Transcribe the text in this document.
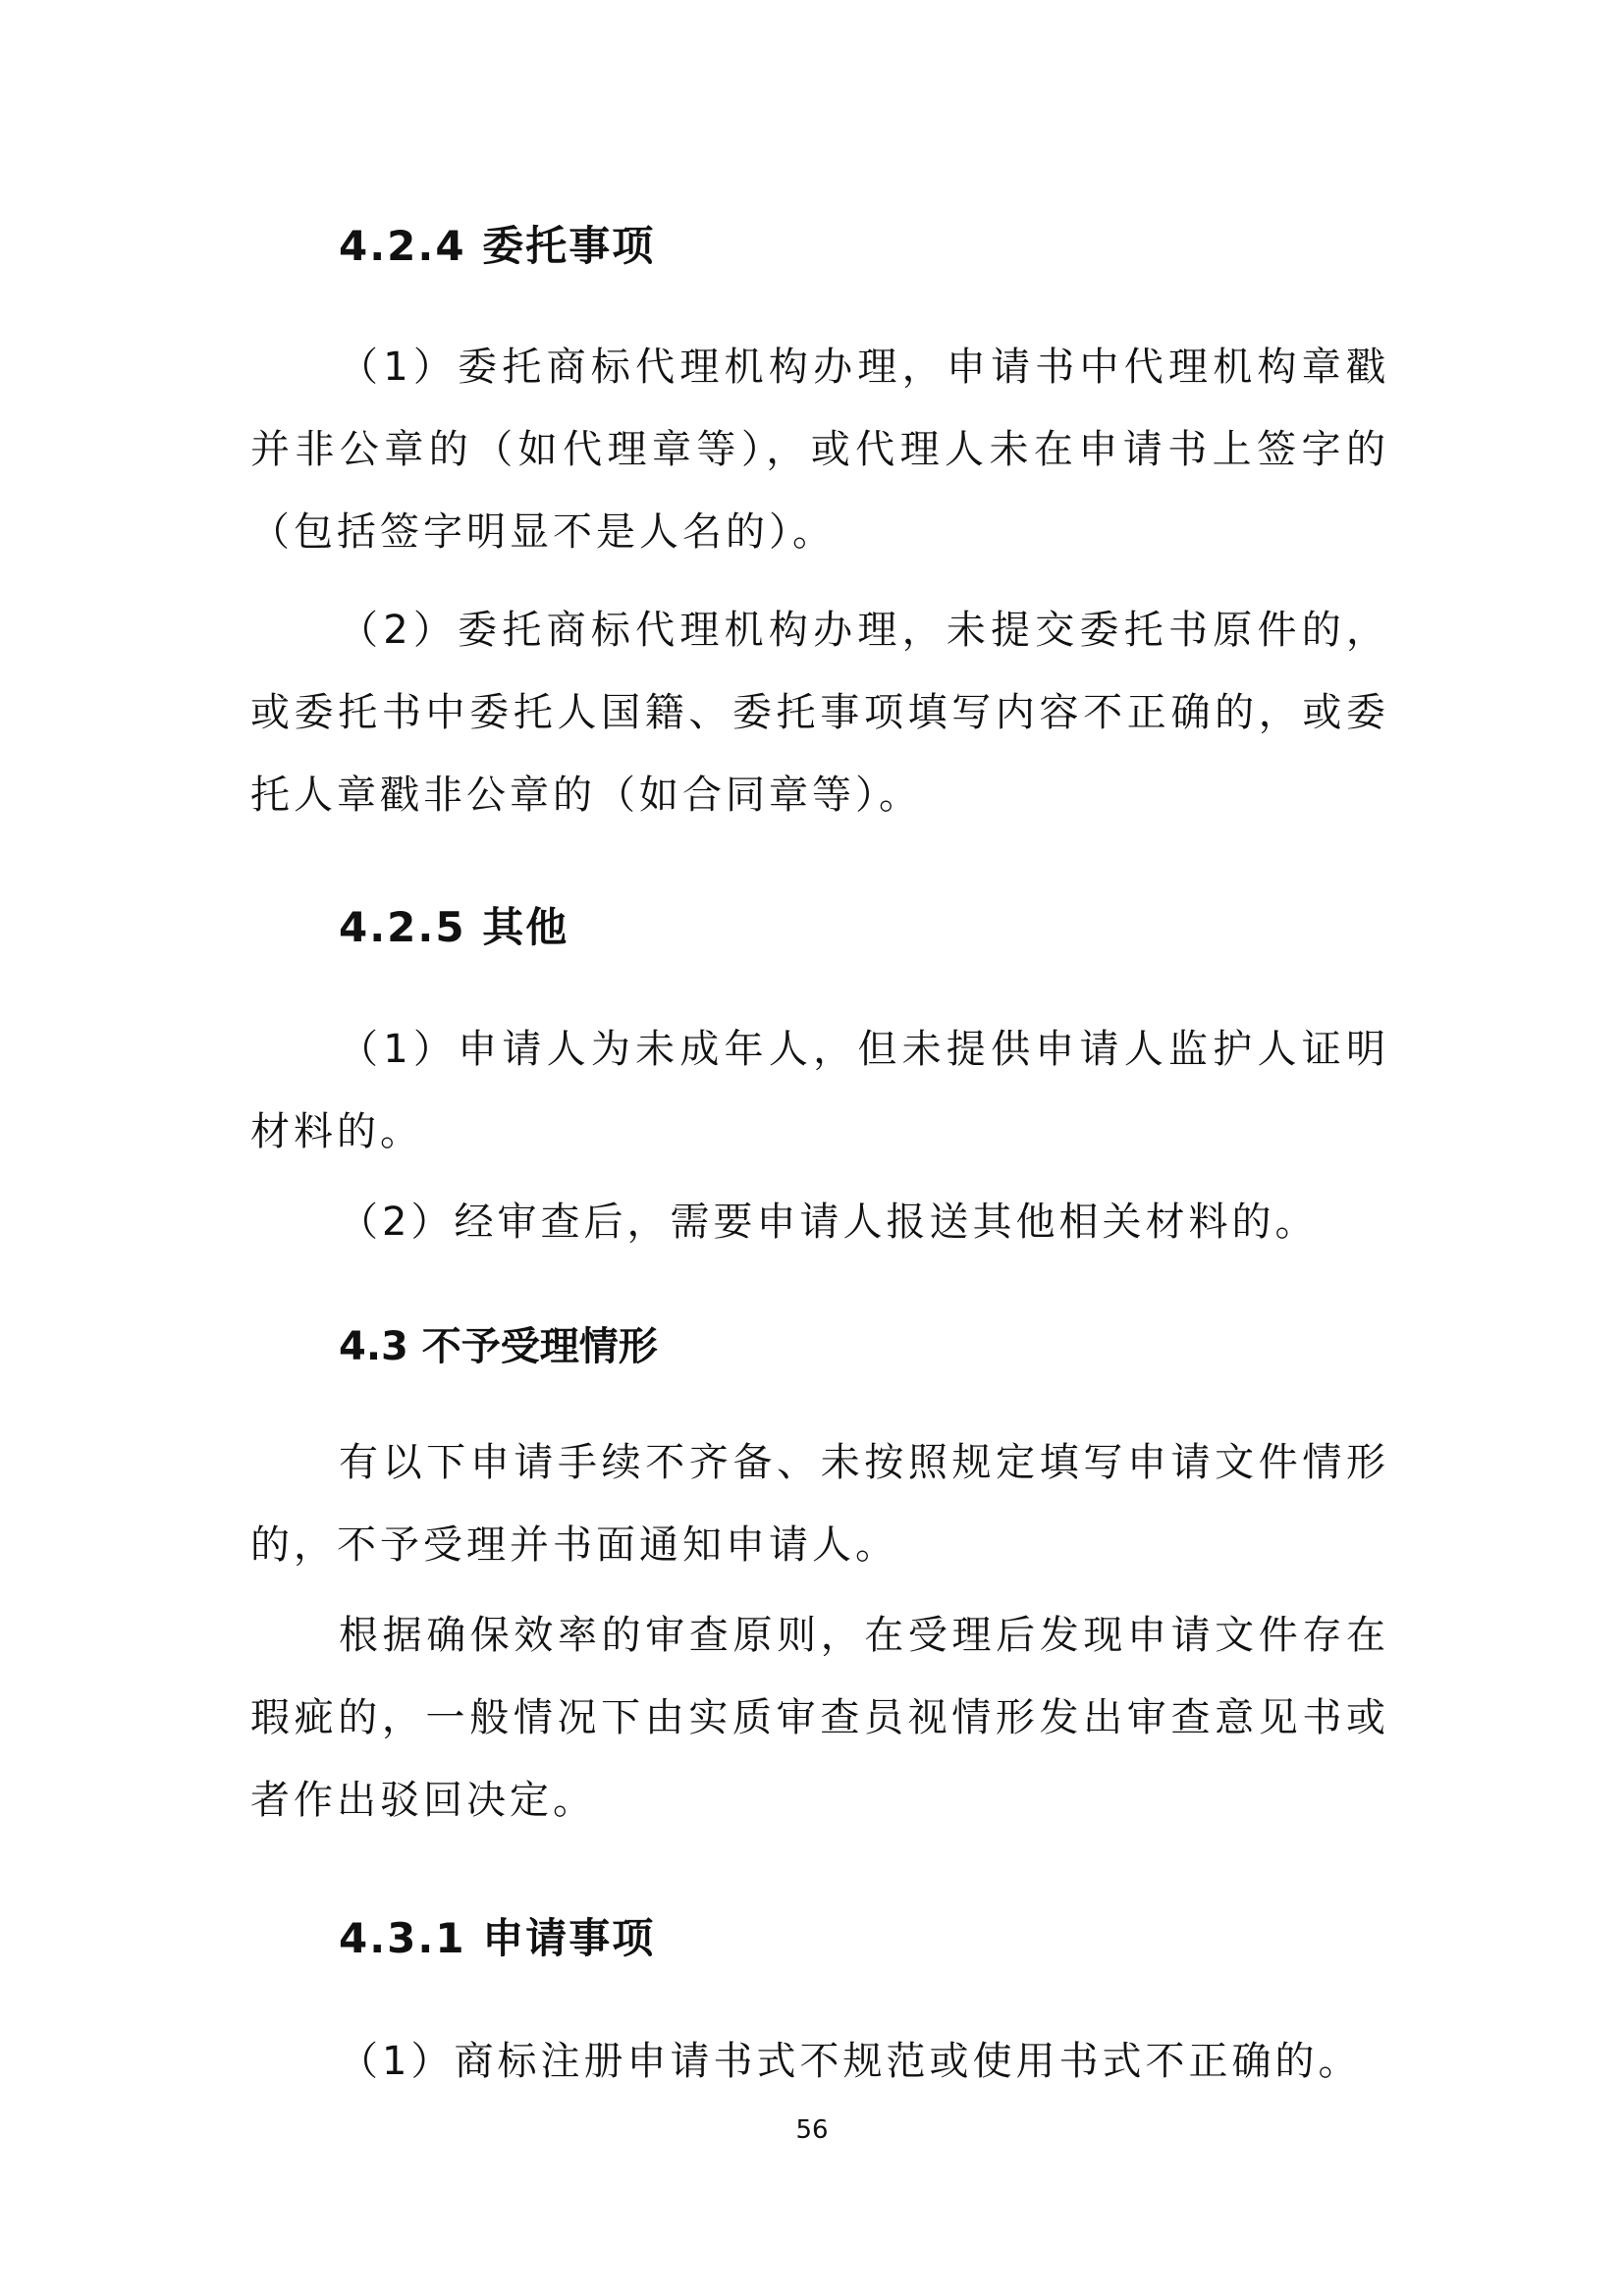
4.2.4 委托事项

（1）委托商标代理机构办理，申请书中代理机构章戳并非公章的（如代理章等），或代理人未在申请书上签字的（包括签字明显不是人名的）。

（2）委托商标代理机构办理，未提交委托书原件的，或委托书中委托人国籍、委托事项填写内容不正确的，或委托人章戳非公章的（如合同章等）。

4.2.5 其他

（1）申请人为未成年人，但未提供申请人监护人证明材料的。

（2）经审查后，需要申请人报送其他相关材料的。

4.3 不予受理情形

有以下申请手续不齐备、未按照规定填写申请文件情形的，不予受理并书面通知申请人。

根据确保效率的审查原则，在受理后发现申请文件存在瑕疵的，一般情况下由实质审查员视情形发出审查意见书或者作出驳回决定。

4.3.1 申请事项

（1）商标注册申请书式不规范或使用书式不正确的。

56
